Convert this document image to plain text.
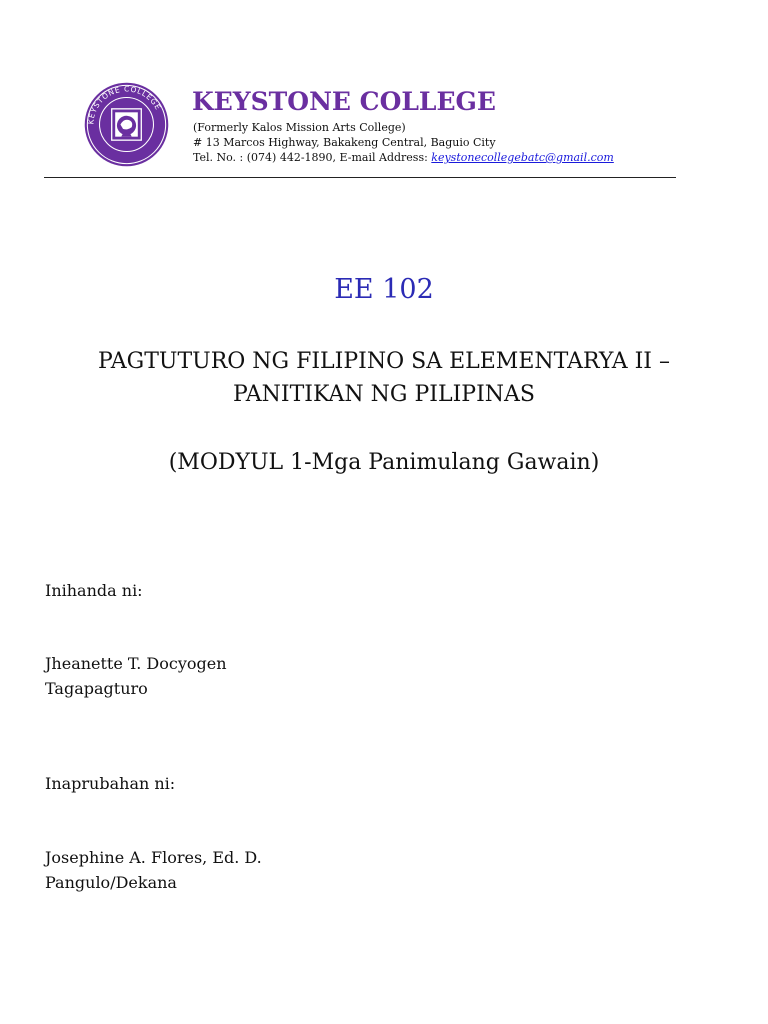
KEYSTONE COLLEGE KEYSTONE COLLEGE
(Formerly Kalos Mission Arts College)
# 13 Marcos Highway, Bakakeng Central, Baguio City
Tel. No. : (074) 442-1890, E-mail Address: keystonecollegebatc@gmail.com
EE 102
PAGTUTURO NG FILIPINO SA ELEMENTARYA II –
PANITIKAN NG PILIPINAS
(MODYUL 1-Mga Panimulang Gawain)
Inihanda ni:
Jheanette T. Docyogen
Tagapagturo
Inaprubahan ni:
Josephine A. Flores, Ed. D.
Pangulo/Dekana
